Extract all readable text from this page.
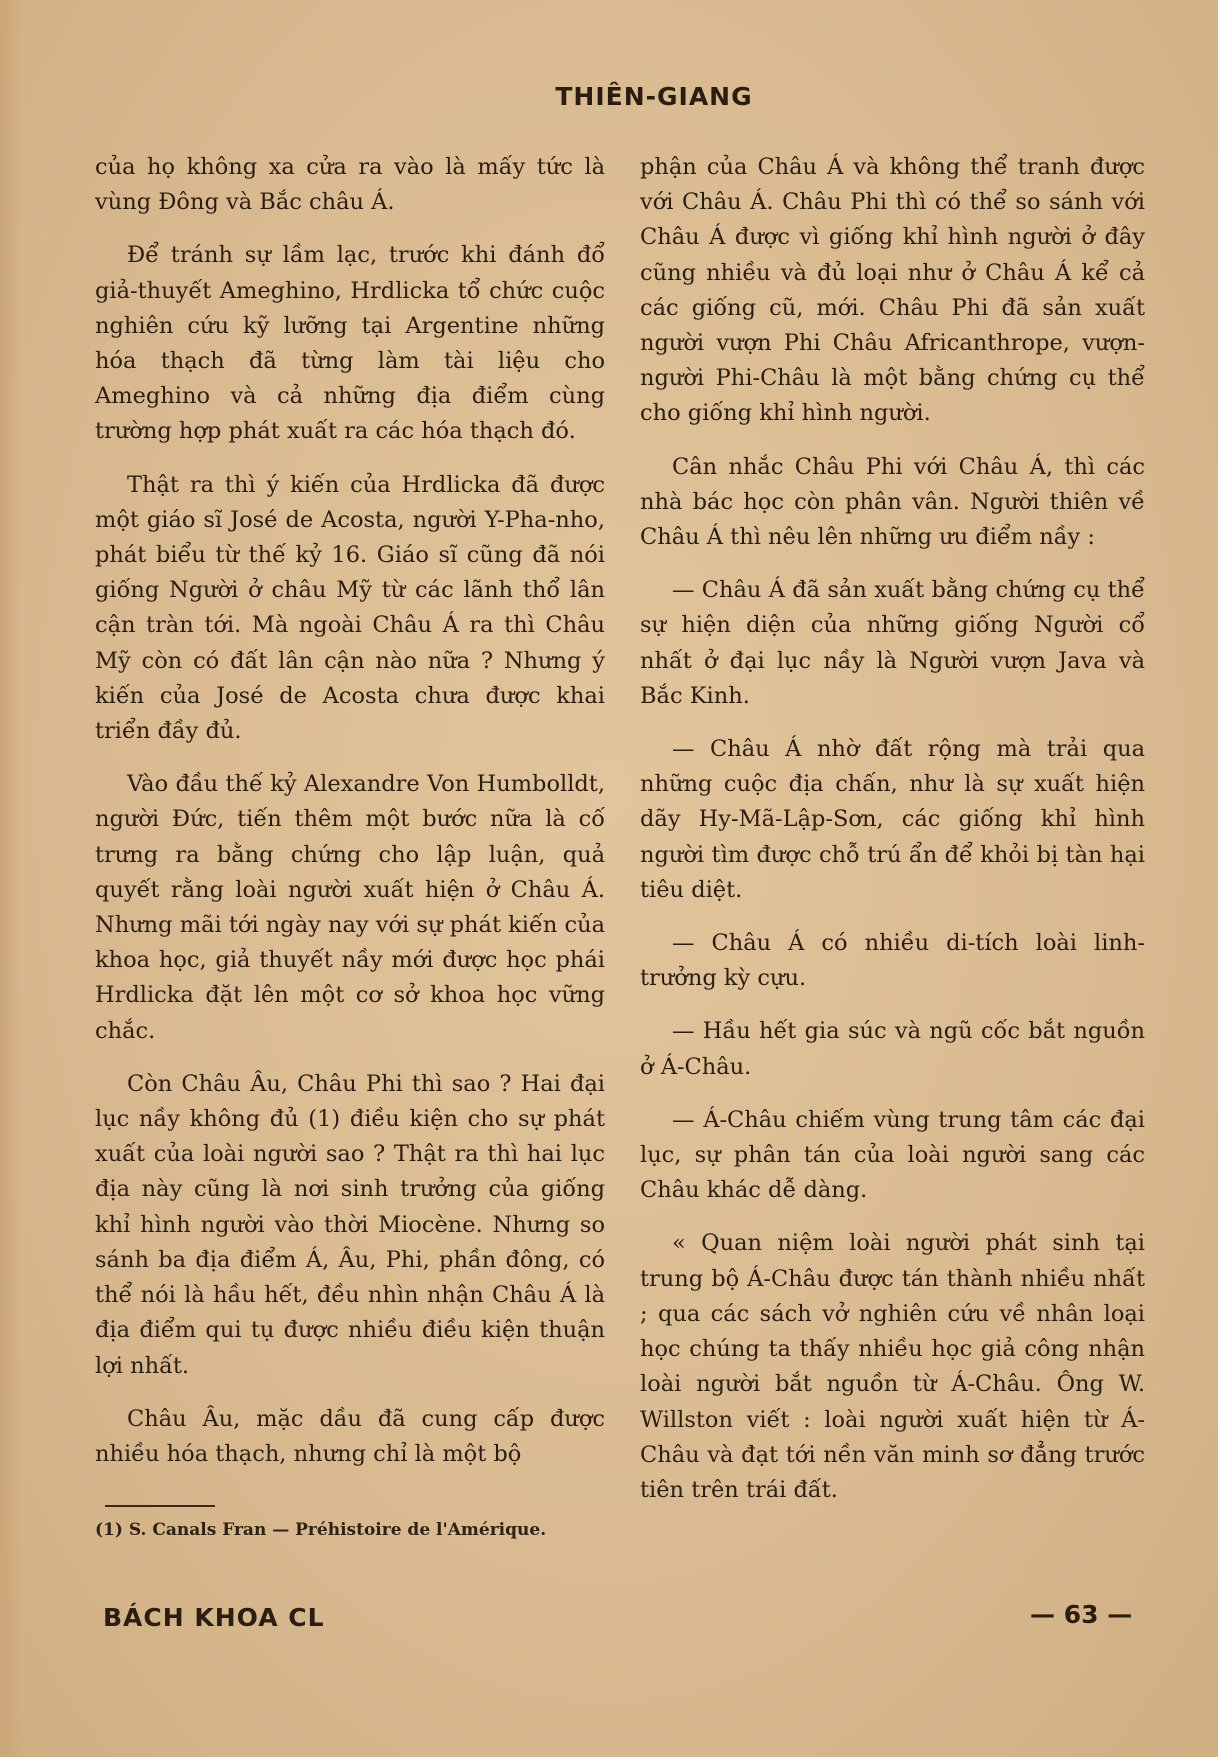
THIÊN-GIANG

của họ không xa cửa ra vào là mấy tức là vùng Đông và Bắc châu Á.

Để tránh sự lầm lạc, trước khi đánh đổ giả-thuyết Ameghino, Hrdlicka tổ chức cuộc nghiên cứu kỹ lưỡng tại Argentine những hóa thạch đã từng làm tài liệu cho Ameghino và cả những địa điểm cùng trường hợp phát xuất ra các hóa thạch đó.

Thật ra thì ý kiến của Hrdlicka đã được một giáo sĩ José de Acosta, người Y-Pha-nho, phát biểu từ thế kỷ 16. Giáo sĩ cũng đã nói giống Người ở châu Mỹ từ các lãnh thổ lân cận tràn tới. Mà ngoài Châu Á ra thì Châu Mỹ còn có đất lân cận nào nữa ? Nhưng ý kiến của José de Acosta chưa được khai triển đầy đủ.

Vào đầu thế kỷ Alexandre Von Humbolldt, người Đức, tiến thêm một bước nữa là cố trưng ra bằng chứng cho lập luận, quả quyết rằng loài người xuất hiện ở Châu Á. Nhưng mãi tới ngày nay với sự phát kiến của khoa học, giả thuyết nầy mới được học phái Hrdlicka đặt lên một cơ sở khoa học vững chắc.

Còn Châu Âu, Châu Phi thì sao ? Hai đại lục nầy không đủ (1) điều kiện cho sự phát xuất của loài người sao ? Thật ra thì hai lục địa này cũng là nơi sinh trưởng của giống khỉ hình người vào thời Miocène. Nhưng so sánh ba địa điểm Á, Âu, Phi, phần đông, có thể nói là hầu hết, đều nhìn nhận Châu Á là địa điểm qui tụ được nhiều điều kiện thuận lợi nhất.

Châu Âu, mặc dầu đã cung cấp được nhiều hóa thạch, nhưng chỉ là một bộ

phận của Châu Á và không thể tranh được với Châu Á. Châu Phi thì có thể so sánh với Châu Á được vì giống khỉ hình người ở đây cũng nhiều và đủ loại như ở Châu Á kể cả các giống cũ, mới. Châu Phi đã sản xuất người vượn Phi Châu Africanthrope, vượn-người Phi-Châu là một bằng chứng cụ thể cho giống khỉ hình người.

Cân nhắc Châu Phi với Châu Á, thì các nhà bác học còn phân vân. Người thiên về Châu Á thì nêu lên những ưu điểm nầy :

— Châu Á đã sản xuất bằng chứng cụ thể sự hiện diện của những giống Người cổ nhất ở đại lục nầy là Người vượn Java và Bắc Kinh.

— Châu Á nhờ đất rộng mà trải qua những cuộc địa chấn, như là sự xuất hiện dãy Hy-Mã-Lập-Sơn, các giống khỉ hình người tìm được chỗ trú ẩn để khỏi bị tàn hại tiêu diệt.

— Châu Á có nhiều di-tích loài linh-trưởng kỳ cựu.

— Hầu hết gia súc và ngũ cốc bắt nguồn ở Á-Châu.

— Á-Châu chiếm vùng trung tâm các đại lục, sự phân tán của loài người sang các Châu khác dễ dàng.

« Quan niệm loài người phát sinh tại trung bộ Á-Châu được tán thành nhiều nhất ; qua các sách vở nghiên cứu về nhân loại học chúng ta thấy nhiều học giả công nhận loài người bắt nguồn từ Á-Châu. Ông W. Willston viết : loài người xuất hiện từ Á-Châu và đạt tới nền văn minh sơ đẳng trước tiên trên trái đất.

(1) S. Canals Fran — Préhistoire de l'Amérique.
BÁCH KHOA CL	— 63 —
